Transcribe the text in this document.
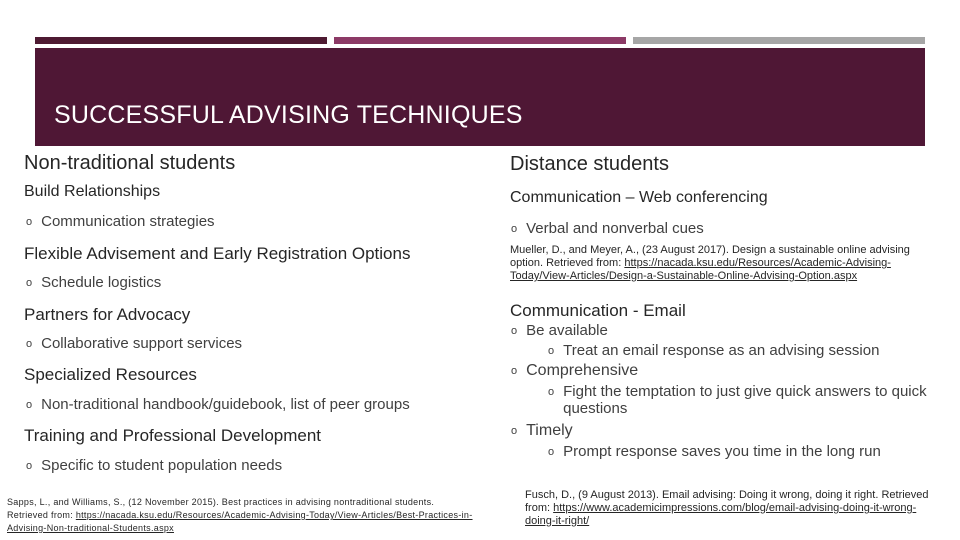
SUCCESSFUL ADVISING TECHNIQUES
Non-traditional students
Build Relationships
o Communication strategies
Flexible Advisement and Early Registration Options
o Schedule logistics
Partners for Advocacy
o Collaborative support services
Specialized Resources
o Non-traditional handbook/guidebook, list of peer groups
Training and Professional Development
o Specific to student population needs
Sapps, L., and Williams, S., (12 November 2015). Best practices in advising nontraditional students. Retrieved from: https://nacada.ksu.edu/Resources/Academic-Advising-Today/View-Articles/Best-Practices-in-Advising-Non-traditional-Students.aspx
Distance students
Communication – Web conferencing
o Verbal and nonverbal cues
Mueller, D., and Meyer, A., (23 August 2017). Design a sustainable online advising option. Retrieved from: https://nacada.ksu.edu/Resources/Academic-Advising-Today/View-Articles/Design-a-Sustainable-Online-Advising-Option.aspx
Communication - Email
o Be available
o Treat an email response as an advising session
o Comprehensive
o Fight the temptation to just give quick answers to quick questions
o Timely
o Prompt response saves you time in the long run
Fusch, D., (9 August 2013). Email advising: Doing it wrong, doing it right. Retrieved from: https://www.academicimpressions.com/blog/email-advising-doing-it-wrong-doing-it-right/
